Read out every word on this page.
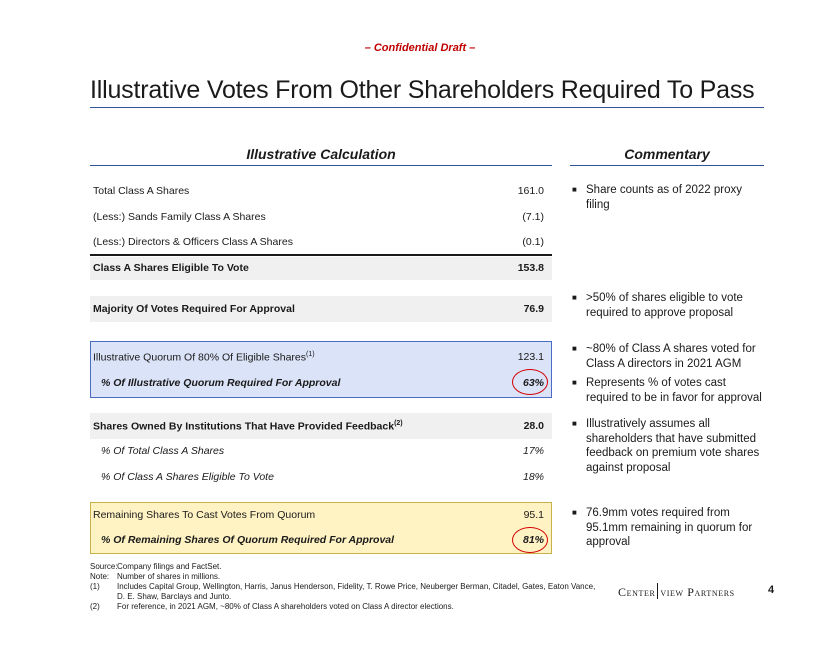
– Confidential Draft –
Illustrative Votes From Other Shareholders Required To Pass
Illustrative Calculation	Commentary
Total Class A Shares	161.0
(Less:) Sands Family Class A Shares	(7.1)
(Less:) Directors & Officers Class A Shares	(0.1)
Class A Shares Eligible To Vote	153.8
Majority Of Votes Required For Approval	76.9
Illustrative Quorum Of 80% Of Eligible Shares$^{(1)}$	123.1
% Of Illustrative Quorum Required For Approval	63%
Shares Owned By Institutions That Have Provided Feedback$^{(2)}$	28.0
% Of Total Class A Shares	17%
% Of Class A Shares Eligible To Vote	18%
Remaining Shares To Cast Votes From Quorum	95.1
% Of Remaining Shares Of Quorum Required For Approval	81%
■ Share counts as of 2022 proxy filing
■ >50% of shares eligible to vote required to approve proposal
■ ~80% of Class A shares voted for Class A directors in 2021 AGM
■ Represents % of votes cast required to be in favor for approval
■ Illustratively assumes all shareholders that have submitted feedback on premium vote shares against proposal
■ 76.9mm votes required from 95.1mm remaining in quorum for approval
Source: Company filings and FactSet.
Note: Number of shares in millions.
(1) Includes Capital Group, Wellington, Harris, Janus Henderson, Fidelity, T. Rowe Price, Neuberger Berman, Citadel, Gates, Eaton Vance,
D. E. Shaw, Barclays and Junto.
(2) For reference, in 2021 AGM, ~80% of Class A shareholders voted on Class A director elections.
Center view Partners	4
